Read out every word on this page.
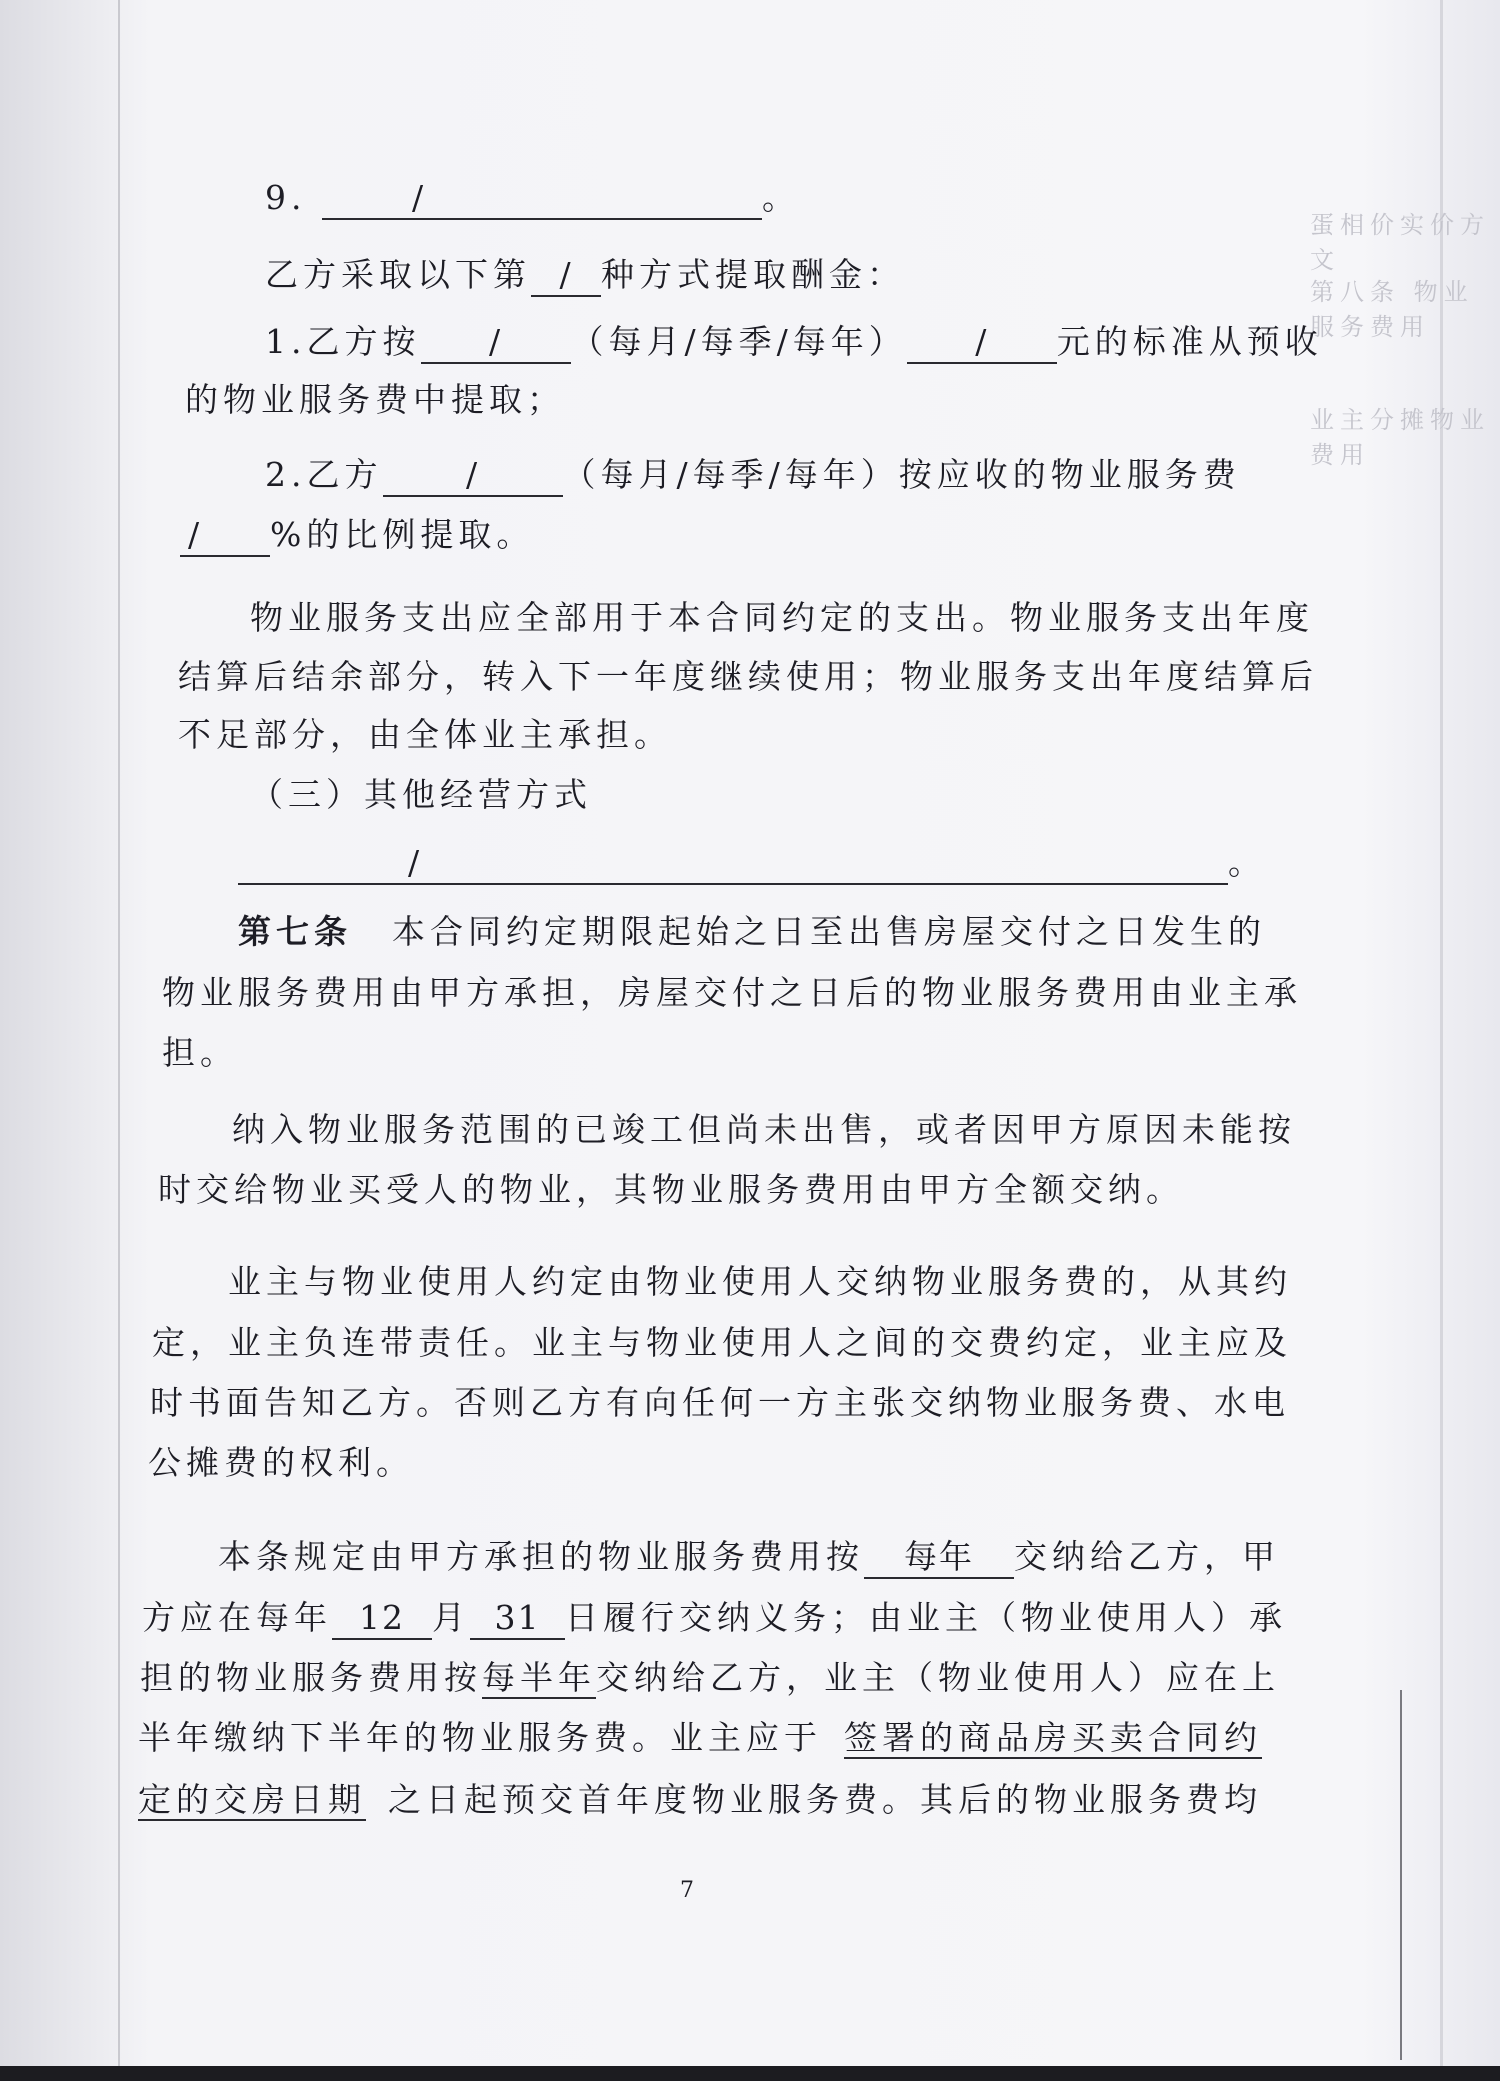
蛋相价实价方文
第八条 物业服务费用
业主分摊物业费用
9.	/	。
乙方采取以下第 / 种方式提取酬金：
1.乙方按 / （每月/每季/每年） / 元的标准从预收
的物业服务费中提取；
2.乙方	/	（每月/每季/每年）按应收的物业服务费
/ %的比例提取。
物业服务支出应全部用于本合同约定的支出。物业服务支出年度
结算后结余部分，转入下一年度继续使用；物业服务支出年度结算后
不足部分，由全体业主承担。
（三）其他经营方式
/	。
第七条 本合同约定期限起始之日至出售房屋交付之日发生的
物业服务费用由甲方承担，房屋交付之日后的物业服务费用由业主承
担。
纳入物业服务范围的已竣工但尚未出售，或者因甲方原因未能按
时交给物业买受人的物业，其物业服务费用由甲方全额交纳。
业主与物业使用人约定由物业使用人交纳物业服务费的，从其约
定，业主负连带责任。业主与物业使用人之间的交费约定，业主应及
时书面告知乙方。否则乙方有向任何一方主张交纳物业服务费、水电
公摊费的权利。
本条规定由甲方承担的物业服务费用按 每年 交纳给乙方，甲
方应在每年 12 月 31 日履行交纳义务；由业主（物业使用人）承
担的物业服务费用按每半年交纳给乙方，业主（物业使用人）应在上
半年缴纳下半年的物业服务费。业主应于 签署的商品房买卖合同约
定的交房日期 之日起预交首年度物业服务费。其后的物业服务费均
7
